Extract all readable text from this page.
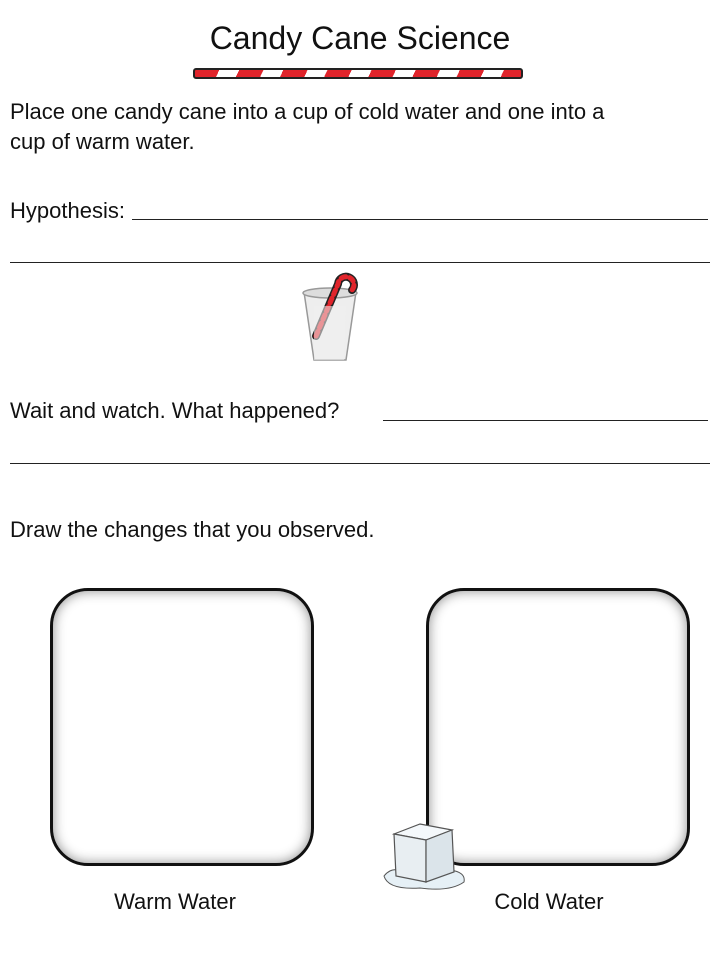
Candy Cane Science
Place one candy cane into a cup of cold water and one into a
cup of warm water.
Hypothesis:
Wait and watch. What happened?
Draw the changes that you observed.
Warm Water	Cold Water
